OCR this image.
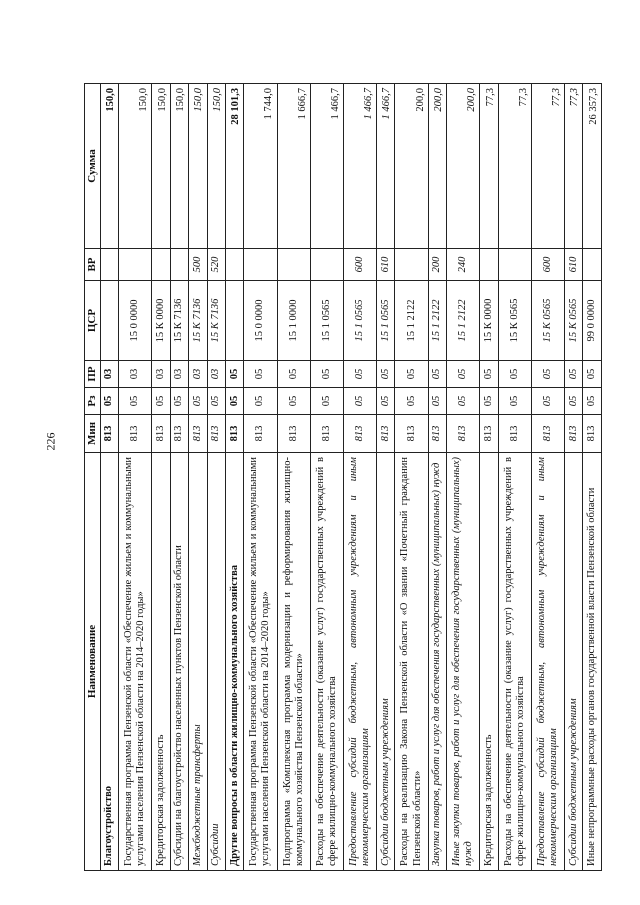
226
Наименование	Мин	Рз	ПР	ЦСР	ВР	Сумма
Благоустройство	813	05	03			150,0
Государственная программа Пензенской области «Обеспечение жильем и коммунальными услугами населения Пензенской области на 2014–2020 годы»	813	05	03	15 0 0000		150,0
Кредиторская задолженность	813	05	03	15 К 0000		150,0
Субсидии на благоустройство населенных пунктов Пензенской области	813	05	03	15 К 7136		150,0
Межбюджетные трансферты	813	05	03	15 К 7136	500	150,0
Субсидии	813	05	03	15 К 7136	520	150,0
Другие вопросы в области жилищно-коммунального хозяйства	813	05	05			28 101,3
Государственная программа Пензенской области «Обеспечение жильем и коммунальными услугами населения Пензенской области на 2014–2020 годы»	813	05	05	15 0 0000		1 744,0
Подпрограмма «Комплексная программа модернизации и реформирования жилищно-коммунального хозяйства Пензенской области»	813	05	05	15 1 0000		1 666,7
Расходы на обеспечение деятельности (оказание услуг) государственных учреждений в сфере жилищно-коммунального хозяйства	813	05	05	15 1 0565		1 466,7
Предоставление субсидий бюджетным, автономным учреждениям и иным некоммерческим организациям	813	05	05	15 1 0565	600	1 466,7
Субсидии бюджетным учреждениям	813	05	05	15 1 0565	610	1 466,7
Расходы на реализацию Закона Пензенской области «О звании «Почетный гражданин Пензенской области»	813	05	05	15 1 2122		200,0
Закупка товаров, работ и услуг для обеспечения государственных (муниципальных) нужд	813	05	05	15 1 2122	200	200,0
Иные закупки товаров, работ и услуг для обеспечения государственных (муниципальных) нужд	813	05	05	15 1 2122	240	200,0
Кредиторская задолженность	813	05	05	15 К 0000		77,3
Расходы на обеспечение деятельности (оказание услуг) государственных учреждений в сфере жилищно-коммунального хозяйства	813	05	05	15 К 0565		77,3
Предоставление субсидий бюджетным, автономным учреждениям и иным некоммерческим организациям	813	05	05	15 К 0565	600	77,3
Субсидии бюджетным учреждениям	813	05	05	15 К 0565	610	77,3
Иные непрограммные расходы органов государственной власти Пензенской области	813	05	05	99 0 0000		26 357,3
